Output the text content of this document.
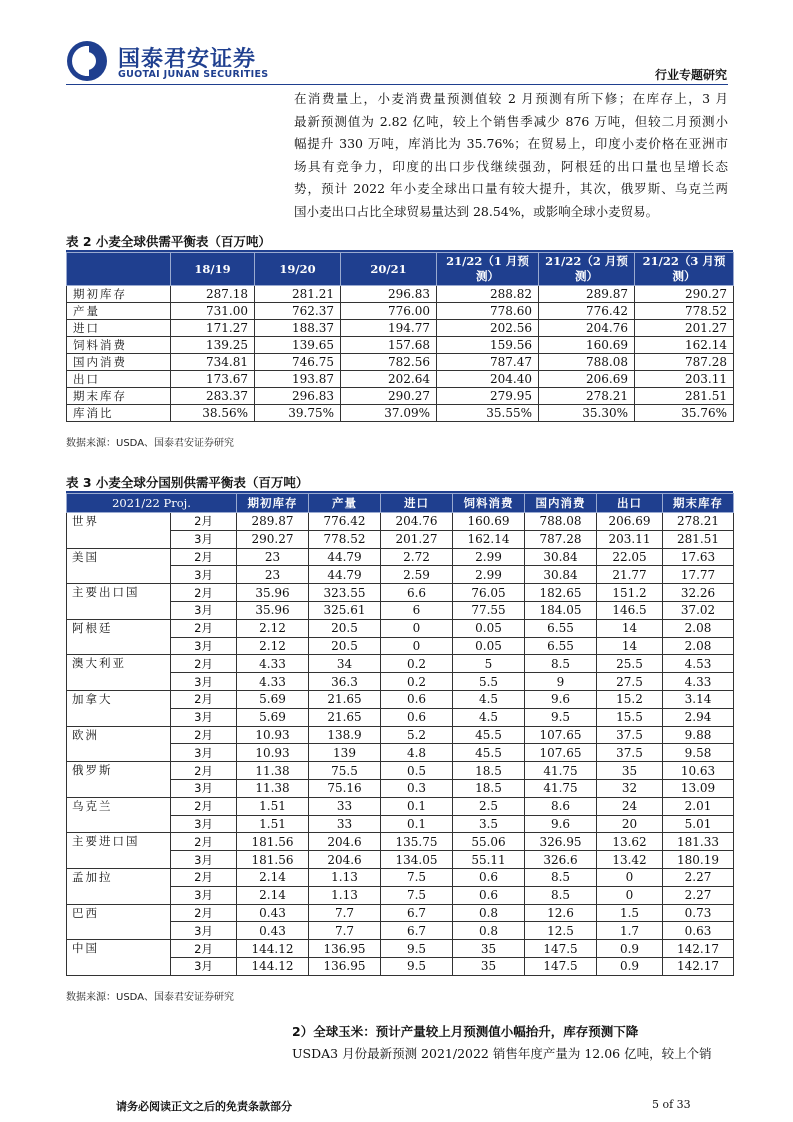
国泰君安证券
GUOTAI JUNAN SECURITIES	行业专题研究
在消费量上，小麦消费量预测值较 2 月预测有所下修；在库存上，3 月
最新预测值为 2.82 亿吨，较上个销售季减少 876 万吨，但较二月预测小
幅提升 330 万吨，库消比为 35.76%；在贸易上，印度小麦价格在亚洲市
场具有竞争力，印度的出口步伐继续强劲，阿根廷的出口量也呈增长态
势，预计 2022 年小麦全球出口量有较大提升，其次，俄罗斯、乌克兰两
国小麦出口占比全球贸易量达到 28.54%，或影响全球小麦贸易。
表 2 小麦全球供需平衡表（百万吨）
	18/19	19/20	20/21	21/22（1 月预测）	21/22（2 月预测）	21/22（3 月预测）
期初库存	287.18	281.21	296.83	288.82	289.87	290.27
产量	731.00	762.37	776.00	778.60	776.42	778.52
进口	171.27	188.37	194.77	202.56	204.76	201.27
饲料消费	139.25	139.65	157.68	159.56	160.69	162.14
国内消费	734.81	746.75	782.56	787.47	788.08	787.28
出口	173.67	193.87	202.64	204.40	206.69	203.11
期末库存	283.37	296.83	290.27	279.95	278.21	281.51
库消比	38.56%	39.75%	37.09%	35.55%	35.30%	35.76%
数据来源：USDA、国泰君安证券研究
表 3 小麦全球分国别供需平衡表（百万吨）
2021/22 Proj.		期初库存	产量	进口	饲料消费	国内消费	出口	期末库存
世界	2月	289.87	776.42	204.76	160.69	788.08	206.69	278.21
	3月	290.27	778.52	201.27	162.14	787.28	203.11	281.51
美国	2月	23	44.79	2.72	2.99	30.84	22.05	17.63
	3月	23	44.79	2.59	2.99	30.84	21.77	17.77
主要出口国	2月	35.96	323.55	6.6	76.05	182.65	151.2	32.26
	3月	35.96	325.61	6	77.55	184.05	146.5	37.02
阿根廷	2月	2.12	20.5	0	0.05	6.55	14	2.08
	3月	2.12	20.5	0	0.05	6.55	14	2.08
澳大利亚	2月	4.33	34	0.2	5	8.5	25.5	4.53
	3月	4.33	36.3	0.2	5.5	9	27.5	4.33
加拿大	2月	5.69	21.65	0.6	4.5	9.6	15.2	3.14
	3月	5.69	21.65	0.6	4.5	9.5	15.5	2.94
欧洲	2月	10.93	138.9	5.2	45.5	107.65	37.5	9.88
	3月	10.93	139	4.8	45.5	107.65	37.5	9.58
俄罗斯	2月	11.38	75.5	0.5	18.5	41.75	35	10.63
	3月	11.38	75.16	0.3	18.5	41.75	32	13.09
乌克兰	2月	1.51	33	0.1	2.5	8.6	24	2.01
	3月	1.51	33	0.1	3.5	9.6	20	5.01
主要进口国	2月	181.56	204.6	135.75	55.06	326.95	13.62	181.33
	3月	181.56	204.6	134.05	55.11	326.6	13.42	180.19
孟加拉	2月	2.14	1.13	7.5	0.6	8.5	0	2.27
	3月	2.14	1.13	7.5	0.6	8.5	0	2.27
巴西	2月	0.43	7.7	6.7	0.8	12.6	1.5	0.73
	3月	0.43	7.7	6.7	0.8	12.5	1.7	0.63
中国	2月	144.12	136.95	9.5	35	147.5	0.9	142.17
	3月	144.12	136.95	9.5	35	147.5	0.9	142.17
数据来源：USDA、国泰君安证券研究
2）全球玉米：预计产量较上月预测值小幅抬升，库存预测下降
USDA3 月份最新预测 2021/2022 销售年度产量为 12.06 亿吨，较上个销
请务必阅读正文之后的免责条款部分	5 of 33
